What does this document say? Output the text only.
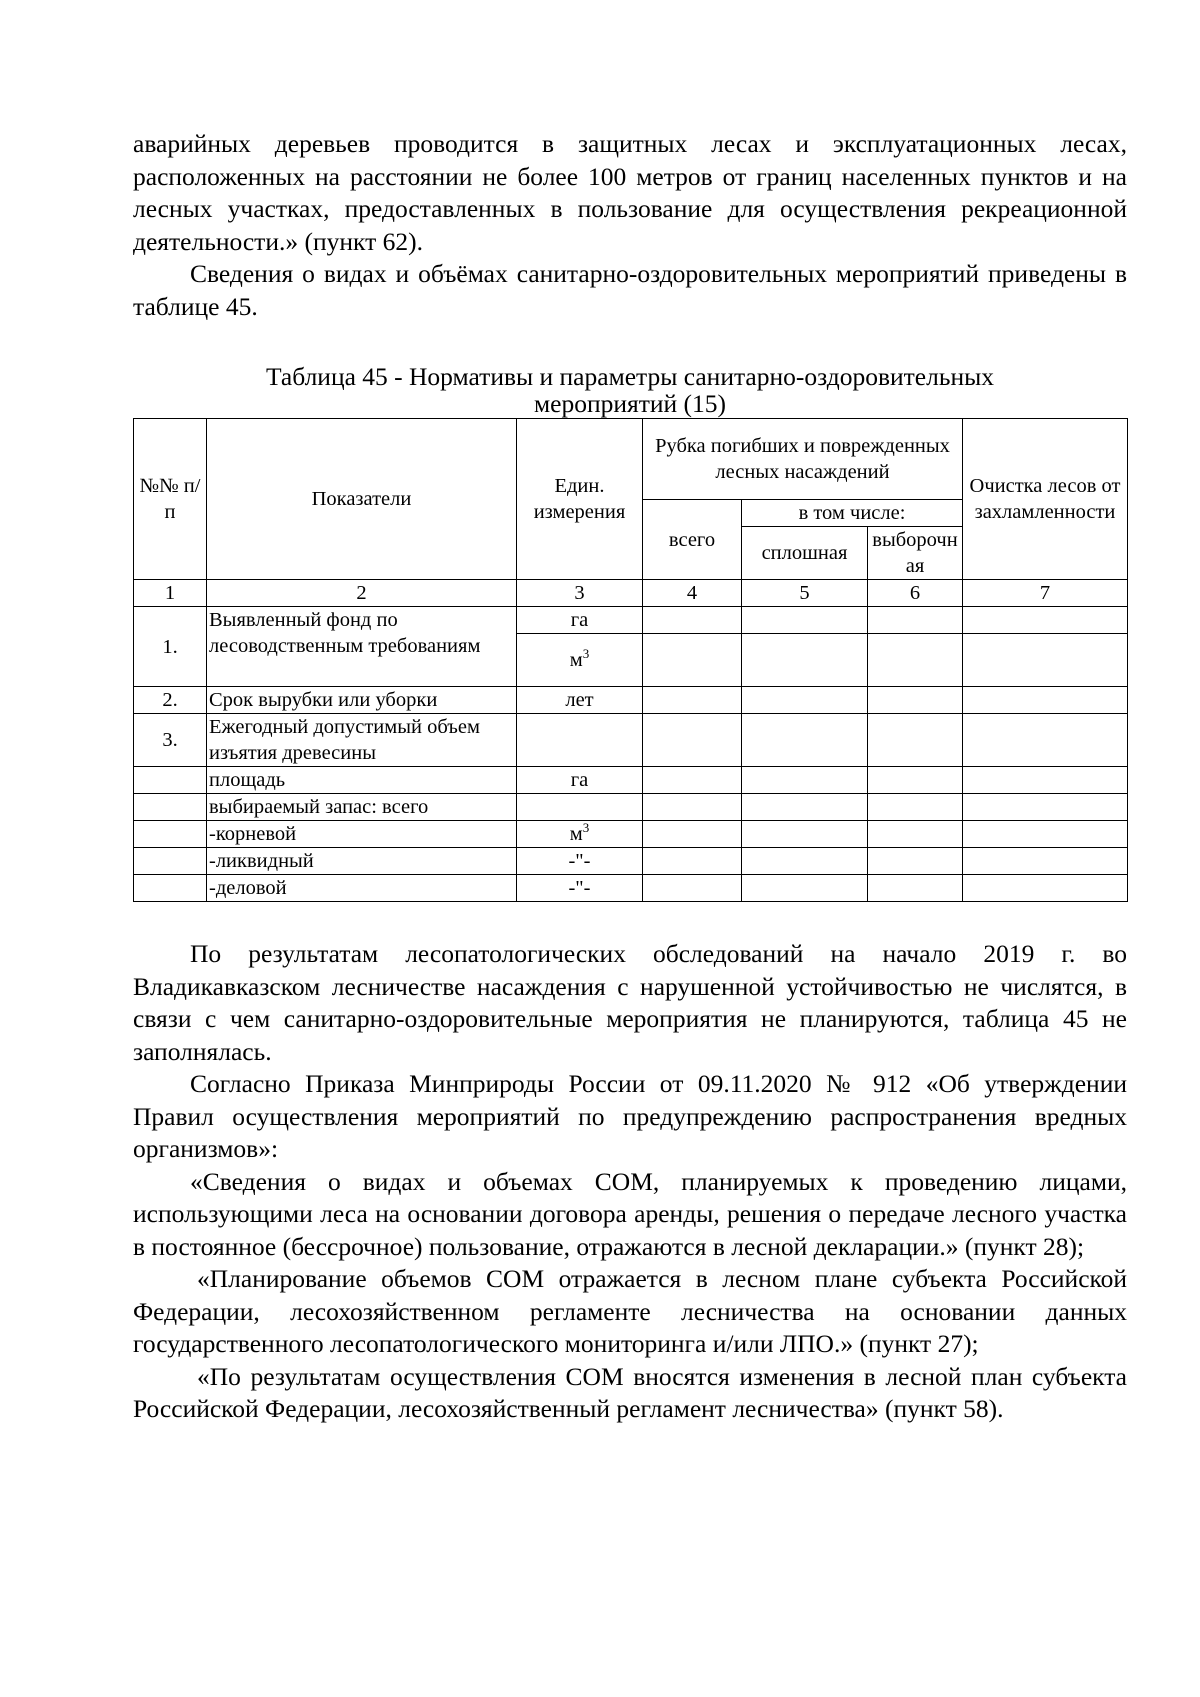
аварийных деревьев проводится в защитных лесах и эксплуатационных лесах, расположенных на расстоянии не более 100 метров от границ населенных пунктов и на лесных участках, предоставленных в пользование для осуществления рекреационной деятельности.» (пункт 62).

Сведения о видах и объёмах санитарно-оздоровительных мероприятий приведены в таблице 45.

Таблица 45 - Нормативы и параметры санитарно-оздоровительных
мероприятий (15)
№№ п/п	Показатели	Един. измерения	Рубка погибших и поврежденных лесных насаждений			Очистка лесов от захламленности
			всего	в том числе:		
				сплошная	выборочная	

1	2	3	4	5	6	7
1.	Выявленный фонд по лесоводственным требованиям	га				
		$м^3$				
2.	Срок вырубки или уборки	лет				
3.	Ежегодный допустимый объем изъятия древесины					
	площадь	га				
	выбираемый запас: всего					
	-корневой	$м^3$				
	-ликвидный	-"-				
	-деловой	-"-				

По результатам лесопатологических обследований на начало 2019 г. во Владикавказском лесничестве насаждения с нарушенной устойчивостью не числятся, в связи с чем санитарно-оздоровительные мероприятия не планируются, таблица 45 не заполнялась.

Согласно Приказа Минприроды России от 09.11.2020 № 912 «Об утверждении Правил осуществления мероприятий по предупреждению распространения вредных организмов»:

«Сведения о видах и объемах СОМ, планируемых к проведению лицами, использующими леса на основании договора аренды, решения о передаче лесного участка в постоянное (бессрочное) пользование, отражаются в лесной декларации.» (пункт 28);

«Планирование объемов СОМ отражается в лесном плане субъекта Российской Федерации, лесохозяйственном регламенте лесничества на основании данных государственного лесопатологического мониторинга и/или ЛПО.» (пункт 27);

«По результатам осуществления СОМ вносятся изменения в лесной план субъекта Российской Федерации, лесохозяйственный регламент лесничества» (пункт 58).
